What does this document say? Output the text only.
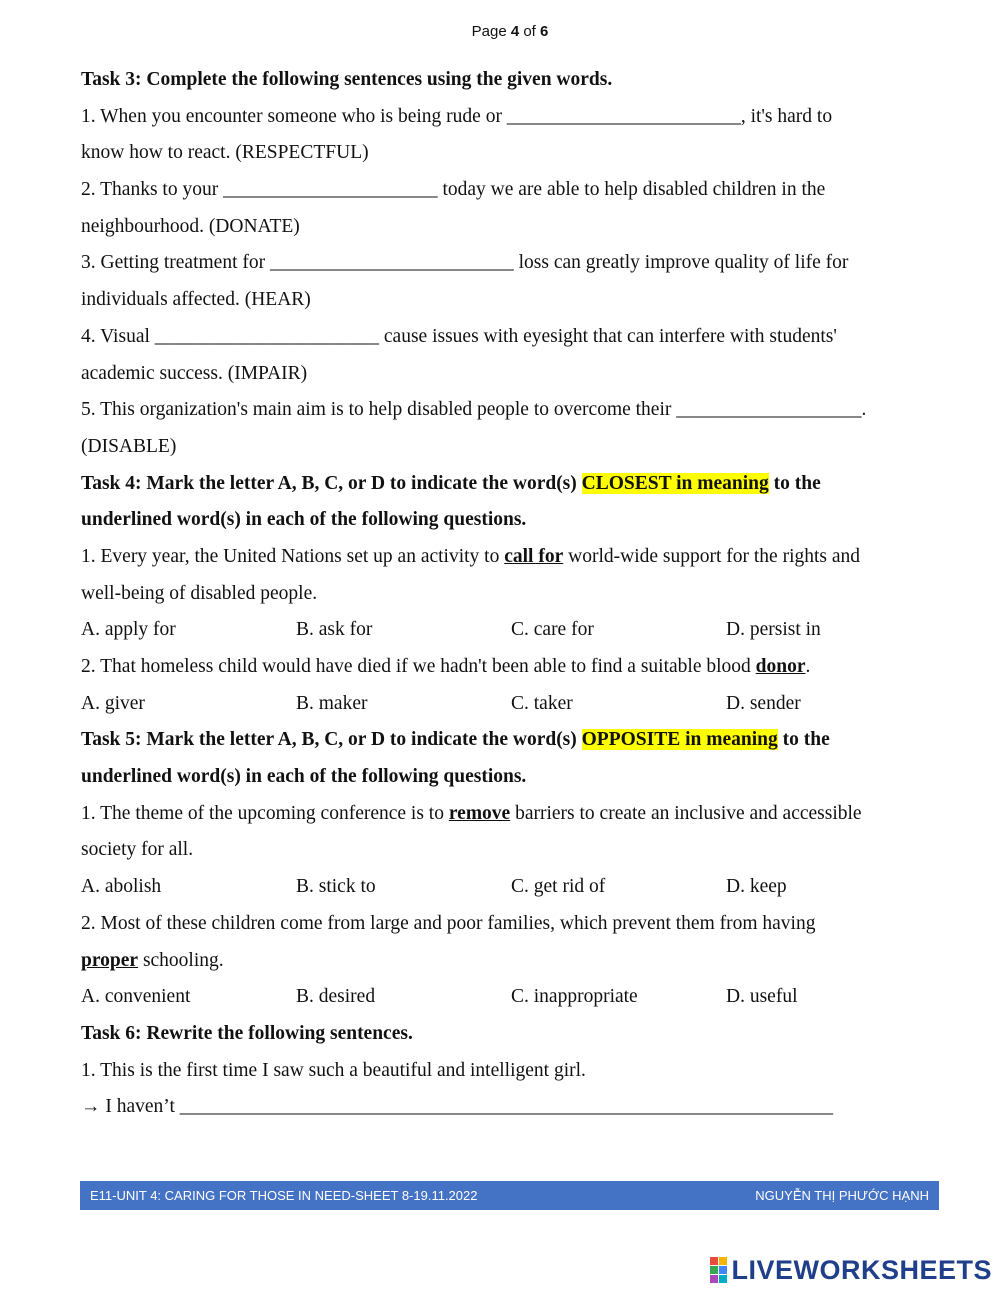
Page 4 of 6
Task 3: Complete the following sentences using the given words.
1. When you encounter someone who is being rude or ________________________, it's hard to
know how to react. (RESPECTFUL)
2. Thanks to your ______________________ today we are able to help disabled children in the
neighbourhood. (DONATE)
3. Getting treatment for _________________________ loss can greatly improve quality of life for
individuals affected. (HEAR)
4. Visual _______________________ cause issues with eyesight that can interfere with students'
academic success. (IMPAIR)
5. This organization's main aim is to help disabled people to overcome their ___________________.
(DISABLE)
Task 4: Mark the letter A, B, C, or D to indicate the word(s) CLOSEST in meaning to the
underlined word(s) in each of the following questions.
1. Every year, the United Nations set up an activity to call for world-wide support for the rights and
well-being of disabled people.
A. apply for	B. ask for	C. care for	D. persist in
2. That homeless child would have died if we hadn't been able to find a suitable blood donor.
A. giver	B. maker	C. taker	D. sender
Task 5: Mark the letter A, B, C, or D to indicate the word(s) OPPOSITE in meaning to the
underlined word(s) in each of the following questions.
1. The theme of the upcoming conference is to remove barriers to create an inclusive and accessible
society for all.
A. abolish	B. stick to	C. get rid of	D. keep
2. Most of these children come from large and poor families, which prevent them from having
proper schooling.
A. convenient	B. desired	C. inappropriate	D. useful
Task 6: Rewrite the following sentences.
1. This is the first time I saw such a beautiful and intelligent girl.
→ I haven’t ___________________________________________________________________
E11-UNIT 4: CARING FOR THOSE IN NEED-SHEET 8-19.11.2022	NGUYỄN THỊ PHƯỚC HẠNH
LIVEWORKSHEETS
